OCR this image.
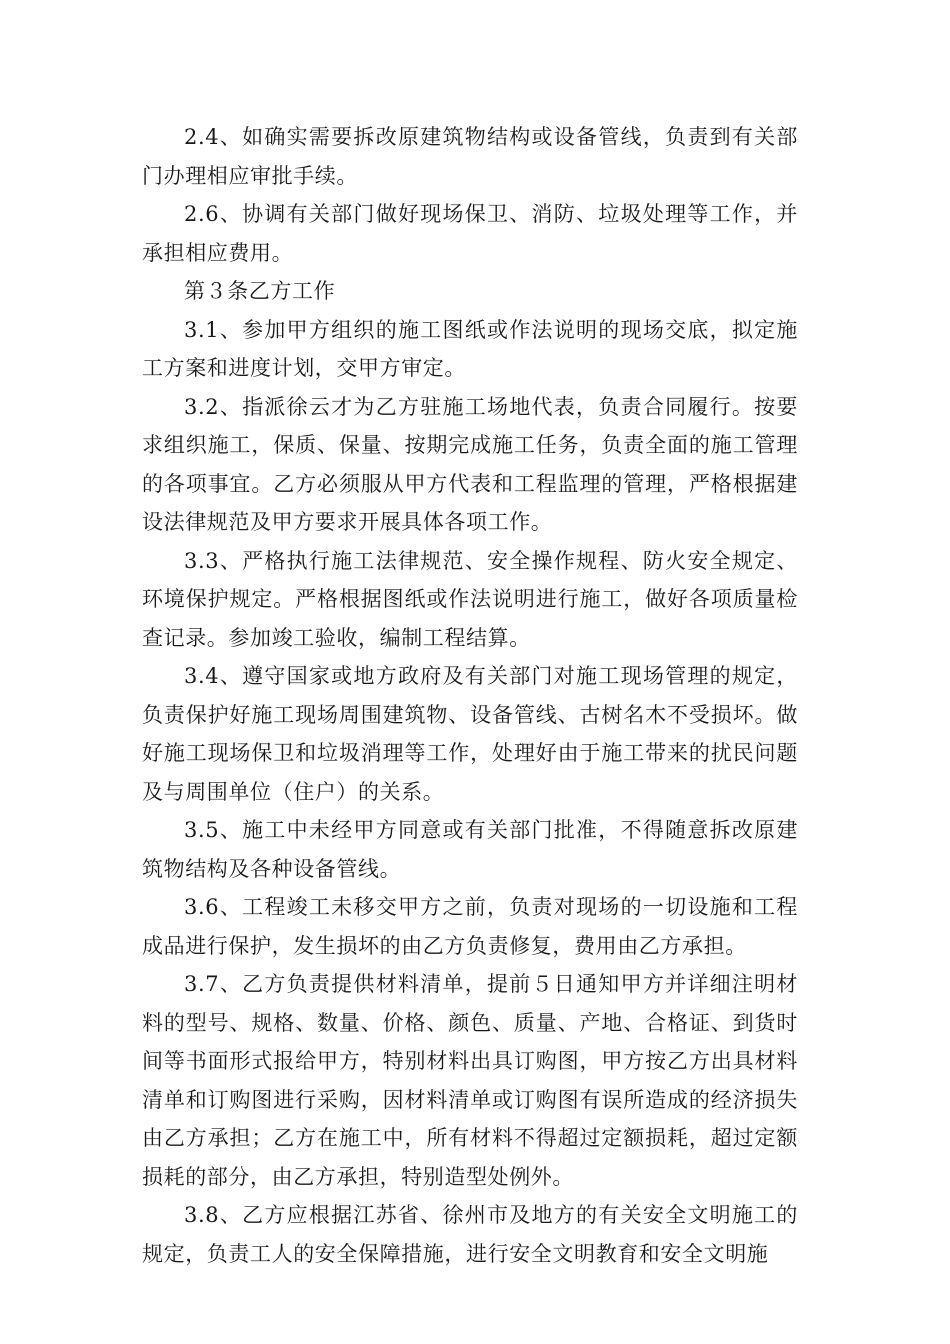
2.4、如确实需要拆改原建筑物结构或设备管线，负责到有关部门办理相应审批手续。

2.6、协调有关部门做好现场保卫、消防、垃圾处理等工作，并承担相应费用。

第３条乙方工作

3.1、参加甲方组织的施工图纸或作法说明的现场交底，拟定施工方案和进度计划，交甲方审定。

3.2、指派徐云才为乙方驻施工场地代表，负责合同履行。按要求组织施工，保质、保量、按期完成施工任务，负责全面的施工管理的各项事宜。乙方必须服从甲方代表和工程监理的管理，严格根据建设法律规范及甲方要求开展具体各项工作。

3.3、严格执行施工法律规范、安全操作规程、防火安全规定、环境保护规定。严格根据图纸或作法说明进行施工，做好各项质量检查记录。参加竣工验收，编制工程结算。

3.4、遵守国家或地方政府及有关部门对施工现场管理的规定，负责保护好施工现场周围建筑物、设备管线、古树名木不受损坏。做好施工现场保卫和垃圾消理等工作，处理好由于施工带来的扰民问题及与周围单位（住户）的关系。

3.5、施工中未经甲方同意或有关部门批准，不得随意拆改原建筑物结构及各种设备管线。

3.6、工程竣工未移交甲方之前，负责对现场的一切设施和工程成品进行保护，发生损坏的由乙方负责修复，费用由乙方承担。

3.7、乙方负责提供材料清单，提前５日通知甲方并详细注明材料的型号、规格、数量、价格、颜色、质量、产地、合格证、到货时间等书面形式报给甲方，特别材料出具订购图，甲方按乙方出具材料清单和订购图进行采购，因材料清单或订购图有误所造成的经济损失由乙方承担；乙方在施工中，所有材料不得超过定额损耗，超过定额损耗的部分，由乙方承担，特别造型处例外。

3.8、乙方应根据江苏省、徐州市及地方的有关安全文明施工的规定，负责工人的安全保障措施，进行安全文明教育和安全文明施
